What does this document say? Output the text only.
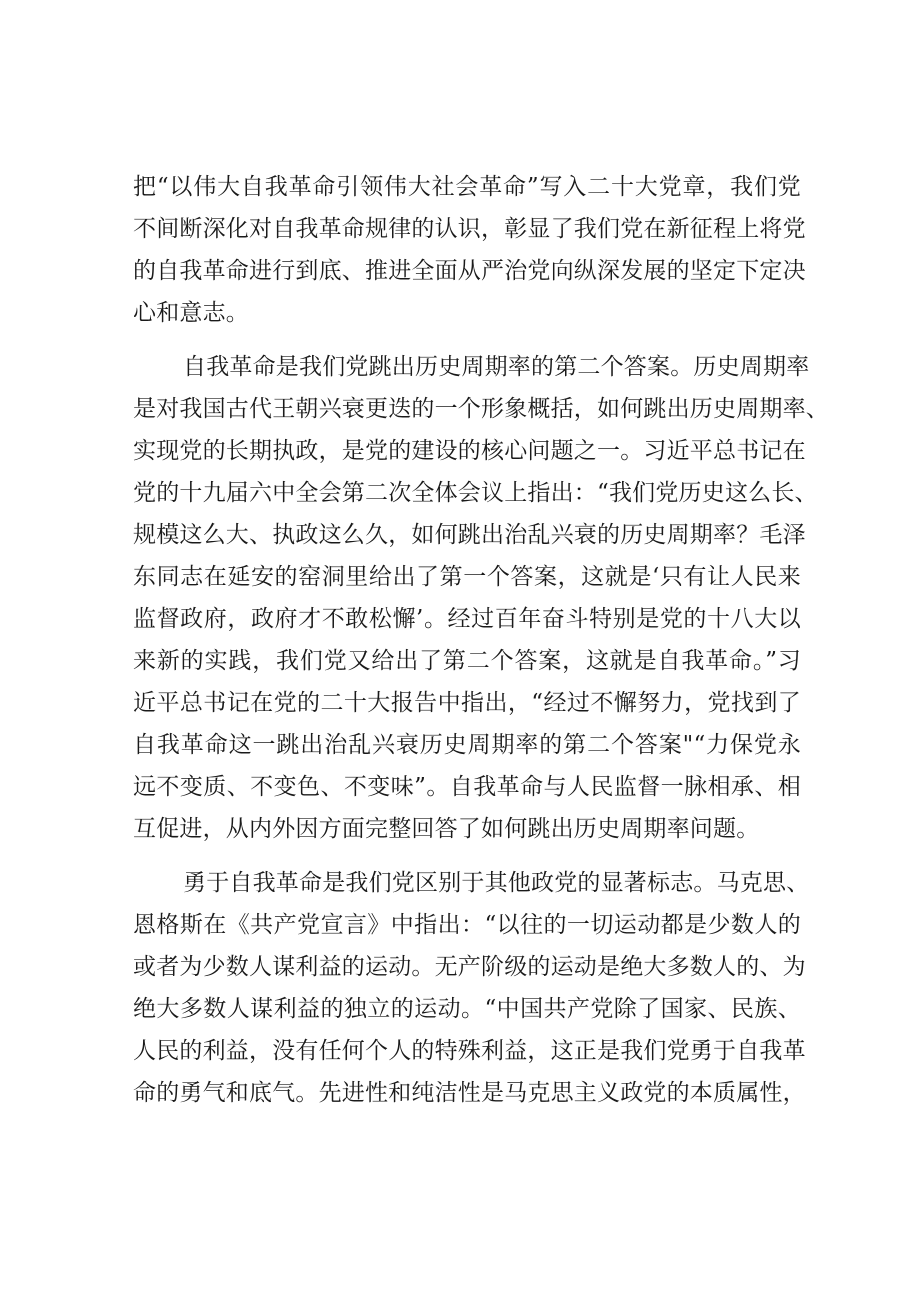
把“以伟大自我革命引领伟大社会革命”写入二十大党章，我们党
不间断深化对自我革命规律的认识，彰显了我们党在新征程上将党
的自我革命进行到底、推进全面从严治党向纵深发展的坚定下定决
心和意志。
自我革命是我们党跳出历史周期率的第二个答案。历史周期率
是对我国古代王朝兴衰更迭的一个形象概括，如何跳出历史周期率、
实现党的长期执政，是党的建设的核心问题之一。习近平总书记在
党的十九届六中全会第二次全体会议上指出：“我们党历史这么长、
规模这么大、执政这么久，如何跳出治乱兴衰的历史周期率？毛泽
东同志在延安的窑洞里给出了第一个答案，这就是‘只有让人民来
监督政府，政府才不敢松懈’。经过百年奋斗特别是党的十八大以
来新的实践，我们党又给出了第二个答案，这就是自我革命。”习
近平总书记在党的二十大报告中指出，“经过不懈努力，党找到了
自我革命这一跳出治乱兴衰历史周期率的第二个答案"“力保党永
远不变质、不变色、不变味”。自我革命与人民监督一脉相承、相
互促进，从内外因方面完整回答了如何跳出历史周期率问题。
勇于自我革命是我们党区别于其他政党的显著标志。马克思、
恩格斯在《共产党宣言》中指出：“以往的一切运动都是少数人的
或者为少数人谋利益的运动。无产阶级的运动是绝大多数人的、为
绝大多数人谋利益的独立的运动。“中国共产党除了国家、民族、
人民的利益，没有任何个人的特殊利益，这正是我们党勇于自我革
命的勇气和底气。先进性和纯洁性是马克思主义政党的本质属性，
